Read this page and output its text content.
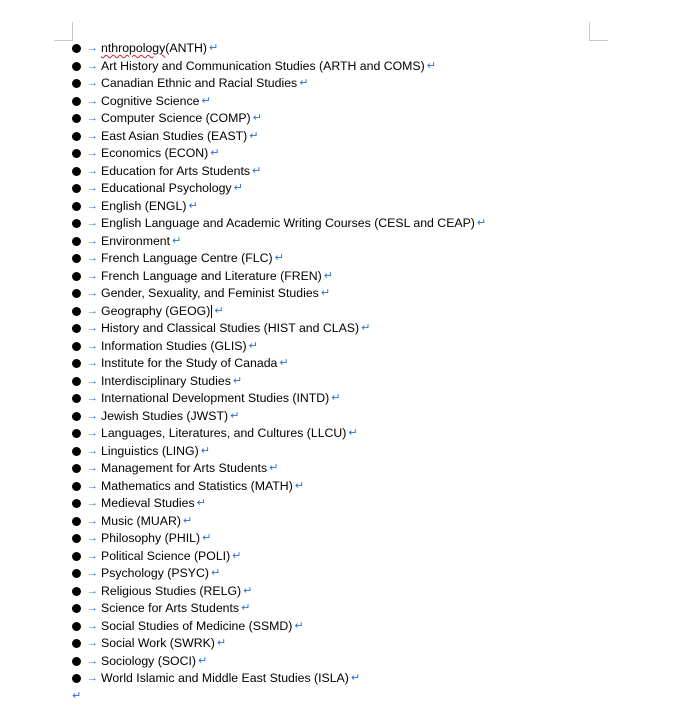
→ nthropology (ANTH) ↵
→ Art History and Communication Studies (ARTH and COMS) ↵
→ Canadian Ethnic and Racial Studies ↵
→ Cognitive Science ↵
→ Computer Science (COMP) ↵
→ East Asian Studies (EAST) ↵
→ Economics (ECON) ↵
→ Education for Arts Students ↵
→ Educational Psychology ↵
→ English (ENGL) ↵
→ English Language and Academic Writing Courses (CESL and CEAP) ↵
→ Environment ↵
→ French Language Centre (FLC) ↵
→ French Language and Literature (FREN) ↵
→ Gender, Sexuality, and Feminist Studies ↵
→ Geography (GEOG) ↵
→ History and Classical Studies (HIST and CLAS) ↵
→ Information Studies (GLIS) ↵
→ Institute for the Study of Canada ↵
→ Interdisciplinary Studies ↵
→ International Development Studies (INTD) ↵
→ Jewish Studies (JWST) ↵
→ Languages, Literatures, and Cultures (LLCU) ↵
→ Linguistics (LING) ↵
→ Management for Arts Students ↵
→ Mathematics and Statistics (MATH) ↵
→ Medieval Studies ↵
→ Music (MUAR) ↵
→ Philosophy (PHIL) ↵
→ Political Science (POLI) ↵
→ Psychology (PSYC) ↵
→ Religious Studies (RELG) ↵
→ Science for Arts Students ↵
→ Social Studies of Medicine (SSMD) ↵
→ Social Work (SWRK) ↵
→ Sociology (SOCI) ↵
→ World Islamic and Middle East Studies (ISLA) ↵
↵
